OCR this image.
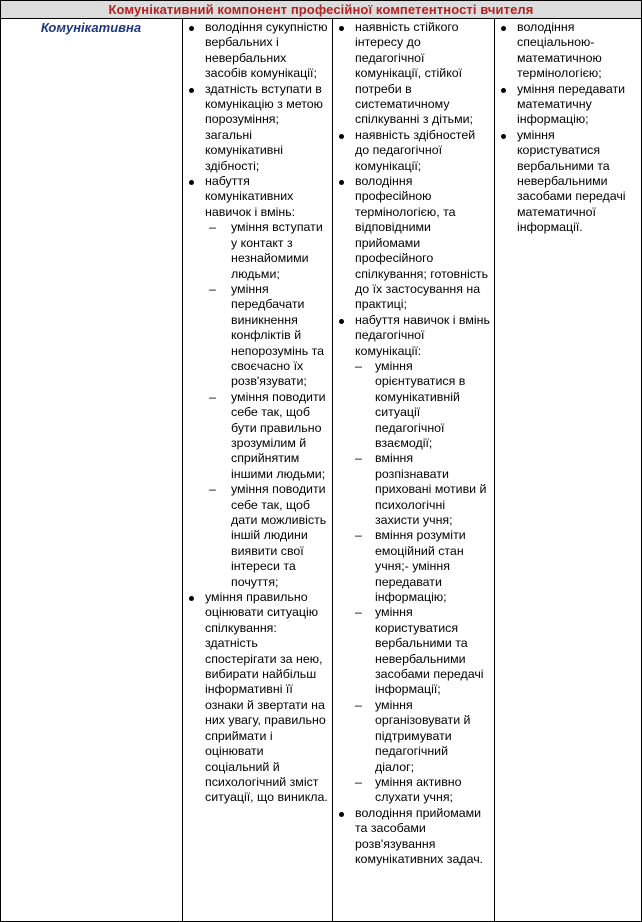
Комунікативний компонент професійної компетентності вчителя
Комунікативна	володіння сукупністю вербальних і невербальних засобів комунікації;
здатність вступати в комунікацію з метою порозуміння; загальні комунікативні здібності;
набуття комунікативних навичок і вмінь:
– уміння вступати у контакт з незнайомими людьми;
– уміння передбачати виникнення конфліктів й непорозумінь та своєчасно їх розв'язувати;
– уміння поводити себе так, щоб бути правильно зрозумілим й сприйнятим іншими людьми;
– уміння поводити себе так, щоб дати можливість іншій людини виявити свої інтереси та почуття;
уміння правильно оцінювати ситуацію спілкування: здатність спостерігати за нею, вибирати найбільш інформативні її ознаки й звертати на них увагу, правильно сприймати і оцінювати соціальний й психологічний зміст ситуації, що виникла.
наявність стійкого інтересу до педагогічної комунікації, стійкої потреби в систематичному спілкуванні з дітьми;
наявність здібностей до педагогічної комунікації;
володіння професійною термінологією, та відповідними прийомами професійного спілкування; готовність до їх застосування на практиці;
набуття навичок і вмінь педагогічної комунікації:
– уміння орієнтуватися в комунікативній ситуації педагогічної взаємодії;
– вміння розпізнавати приховані мотиви й психологічні захисти учня;
– вміння розуміти емоційний стан учня;- уміння передавати інформацію;
– уміння користуватися вербальними та невербальними засобами передачі інформації;
– уміння організовувати й підтримувати педагогічний діалог;
– уміння активно слухати учня;
володіння прийомами та засобами розв'язування комунікативних задач.
володіння спеціальною-математичною термінологією;
уміння передавати математичну інформацію;
уміння користуватися вербальними та невербальними засобами передачі математичної інформації.
